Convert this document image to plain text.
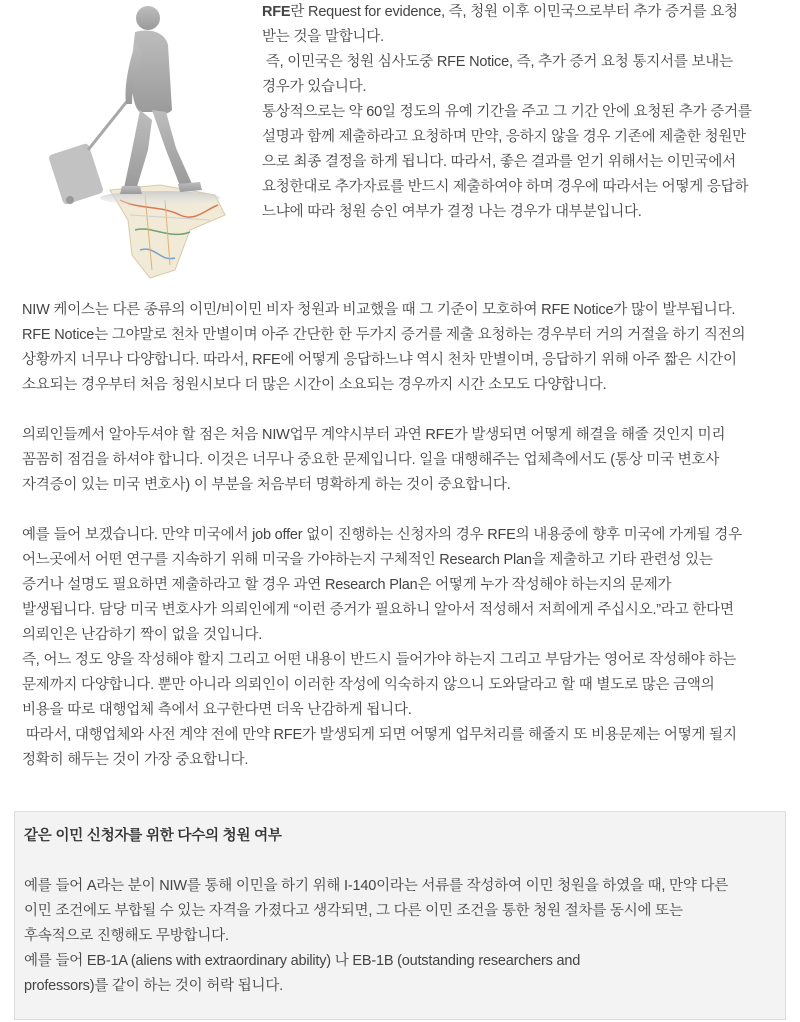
RFE란 Request for evidence, 즉, 청원 이후 이민국으로부터 추가 증거를 요청

받는 것을 말합니다.

즉, 이민국은 청원 심사도중 RFE Notice, 즉, 추가 증거 요청 통지서를 보내는

경우가 있습니다.

통상적으로는 약 60일 정도의 유예 기간을 주고 그 기간 안에 요청된 추가 증거를

설명과 함께 제출하라고 요청하며 만약, 응하지 않을 경우 기존에 제출한 청원만

으로 최종 결정을 하게 됩니다. 따라서, 좋은 결과를 얻기 위해서는 이민국에서

요청한대로 추가자료를 반드시 제출하여야 하며 경우에 따라서는 어떻게 응답하

느냐에 따라 청원 승인 여부가 결정 나는 경우가 대부분입니다.

NIW 케이스는 다른 종류의 이민/비이민 비자 청원과 비교했을 때 그 기준이 모호하여 RFE Notice가 많이 발부됩니다.

RFE Notice는 그야말로 천차 만별이며 아주 간단한 한 두가지 증거를 제출 요청하는 경우부터 거의 거절을 하기 직전의

상황까지 너무나 다양합니다. 따라서, RFE에 어떻게 응답하느냐 역시 천차 만별이며, 응답하기 위해 아주 짧은 시간이

소요되는 경우부터 처음 청원시보다 더 많은 시간이 소요되는 경우까지 시간 소모도 다양합니다.

의뢰인들께서 알아두셔야 할 점은 처음 NIW업무 계약시부터 과연 RFE가 발생되면 어떻게 해결을 해줄 것인지 미리

꼼꼼히 점검을 하셔야 합니다. 이것은 너무나 중요한 문제입니다. 일을 대행해주는 업체측에서도 (통상 미국 변호사

자격증이 있는 미국 변호사) 이 부분을 처음부터 명확하게 하는 것이 중요합니다.

예를 들어 보겠습니다. 만약 미국에서 job offer 없이 진행하는 신청자의 경우 RFE의 내용중에 향후 미국에 가게될 경우

어느곳에서 어떤 연구를 지속하기 위해 미국을 가야하는지 구체적인 Research Plan을 제출하고 기타 관련성 있는

증거나 설명도 필요하면 제출하라고 할 경우 과연 Research Plan은 어떻게 누가 작성해야 하는지의 문제가

발생됩니다. 담당 미국 변호사가 의뢰인에게 “이런 증거가 필요하니 알아서 적성해서 저희에게 주십시오.”라고 한다면

의뢰인은 난감하기 짝이 없을 것입니다.

즉, 어느 정도 양을 작성해야 할지 그리고 어떤 내용이 반드시 들어가야 하는지 그리고 부담가는 영어로 작성해야 하는

문제까지 다양합니다. 뿐만 아니라 의뢰인이 이러한 작성에 익숙하지 않으니 도와달라고 할 때 별도로 많은 금액의

비용을 따로 대행업체 측에서 요구한다면 더욱 난감하게 됩니다.

따라서, 대행업체와 사전 계약 전에 만약 RFE가 발생되게 되면 어떻게 업무처리를 해줄지 또 비용문제는 어떻게 될지

정확히 해두는 것이 가장 중요합니다.

같은 이민 신청자를 위한 다수의 청원 여부

예를 들어 A라는 분이 NIW를 통해 이민을 하기 위해 I-140이라는 서류를 작성하여 이민 청원을 하였을 때, 만약 다른

이민 조건에도 부합될 수 있는 자격을 가졌다고 생각되면, 그 다른 이민 조건을 통한 청원 절차를 동시에 또는

후속적으로 진행해도 무방합니다.

예를 들어 EB-1A (aliens with extraordinary ability) 나 EB-1B (outstanding researchers and

professors)를 같이 하는 것이 허락 됩니다.
